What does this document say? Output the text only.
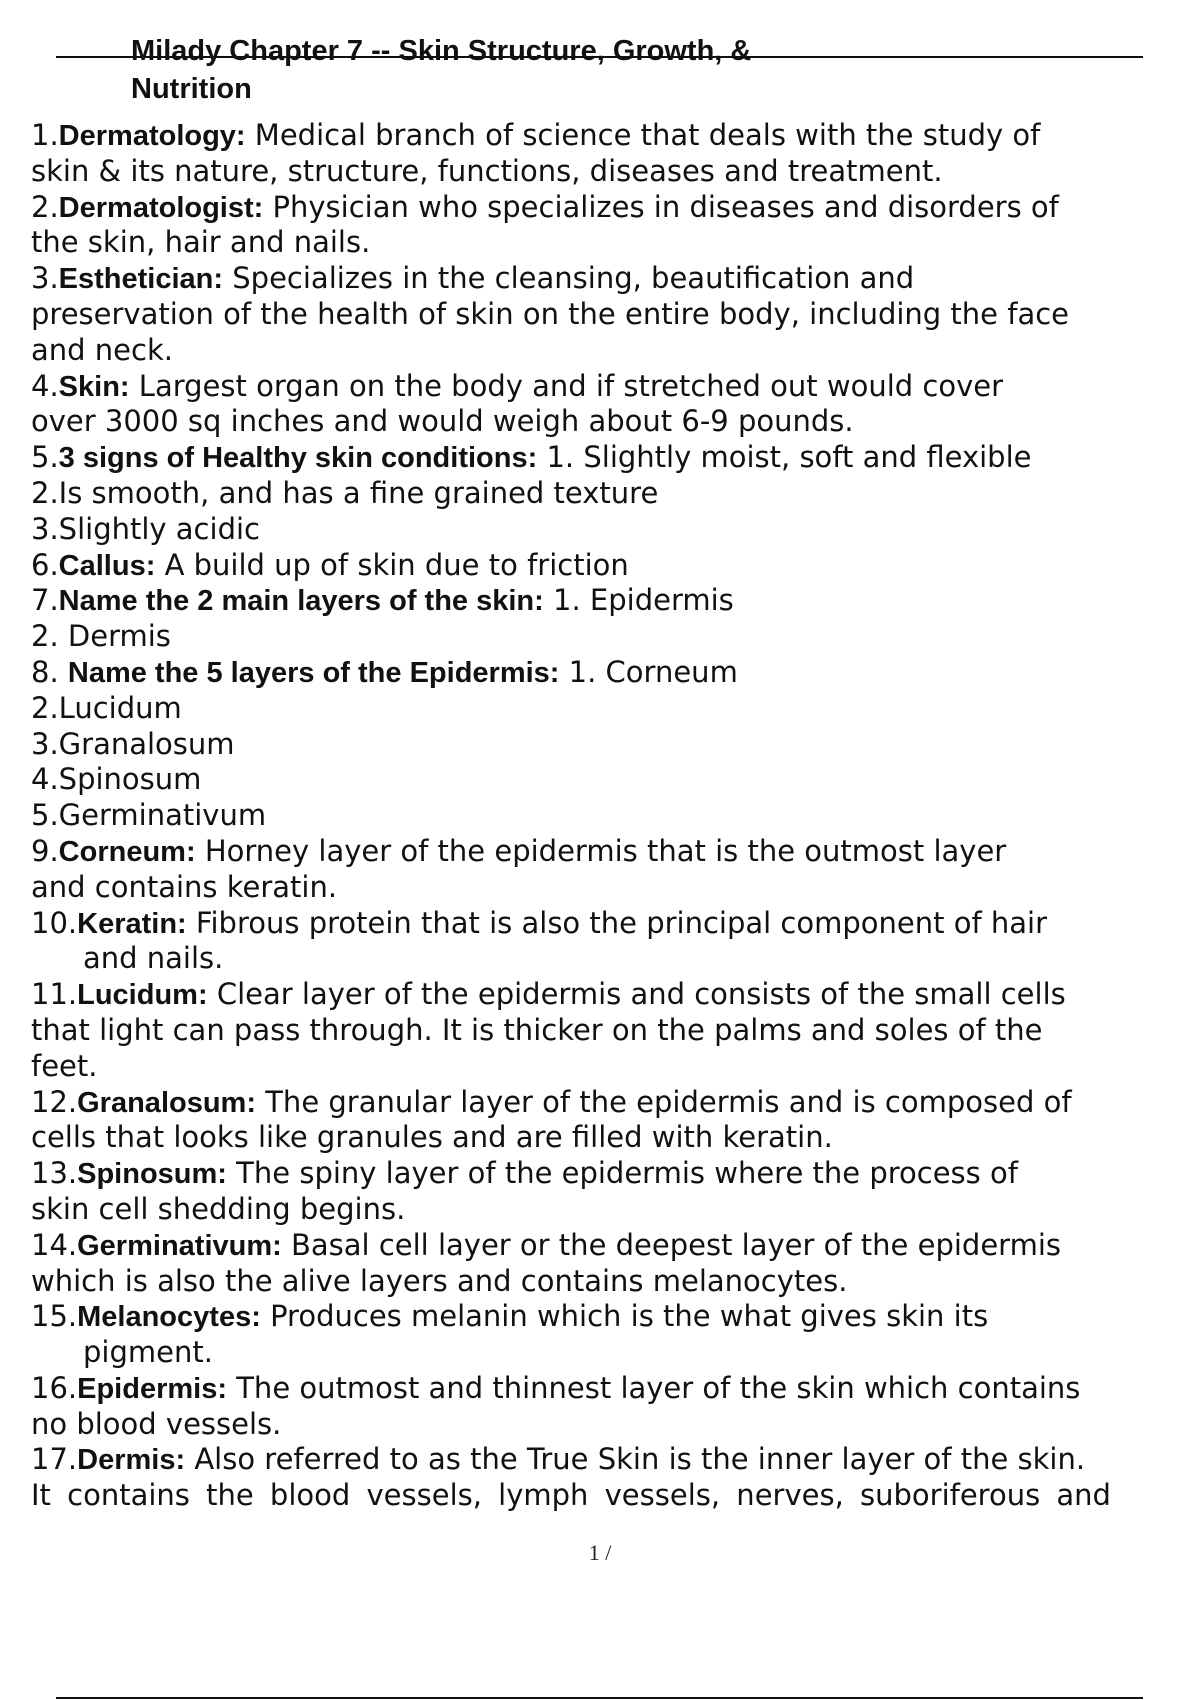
Milady Chapter 7 -- Skin Structure, Growth, &
Nutrition
1.Dermatology: Medical branch of science that deals with the study of
skin & its nature, structure, functions, diseases and treatment.
2.Dermatologist: Physician who specializes in diseases and disorders of
the skin, hair and nails.
3.Esthetician: Specializes in the cleansing, beautification and
preservation of the health of skin on the entire body, including the face
and neck.
4.Skin: Largest organ on the body and if stretched out would cover
over 3000 sq inches and would weigh about 6-9 pounds.
5.3 signs of Healthy skin conditions: 1. Slightly moist, soft and flexible
2.Is smooth, and has a fine grained texture
3.Slightly acidic
6.Callus: A build up of skin due to friction
7.Name the 2 main layers of the skin: 1. Epidermis
2. Dermis
8. Name the 5 layers of the Epidermis: 1. Corneum
2.Lucidum
3.Granalosum
4.Spinosum
5.Germinativum
9.Corneum: Horney layer of the epidermis that is the outmost layer
and contains keratin.
10.Keratin: Fibrous protein that is also the principal component of hair
and nails.
11.Lucidum: Clear layer of the epidermis and consists of the small cells
that light can pass through. It is thicker on the palms and soles of the
feet.
12.Granalosum: The granular layer of the epidermis and is composed of
cells that looks like granules and are filled with keratin.
13.Spinosum: The spiny layer of the epidermis where the process of
skin cell shedding begins.
14.Germinativum: Basal cell layer or the deepest layer of the epidermis
which is also the alive layers and contains melanocytes.
15.Melanocytes: Produces melanin which is the what gives skin its
pigment.
16.Epidermis: The outmost and thinnest layer of the skin which contains
no blood vessels.
17.Dermis: Also referred to as the True Skin is the inner layer of the skin.
It contains the blood vessels, lymph vessels, nerves, suboriferous and
1 /
